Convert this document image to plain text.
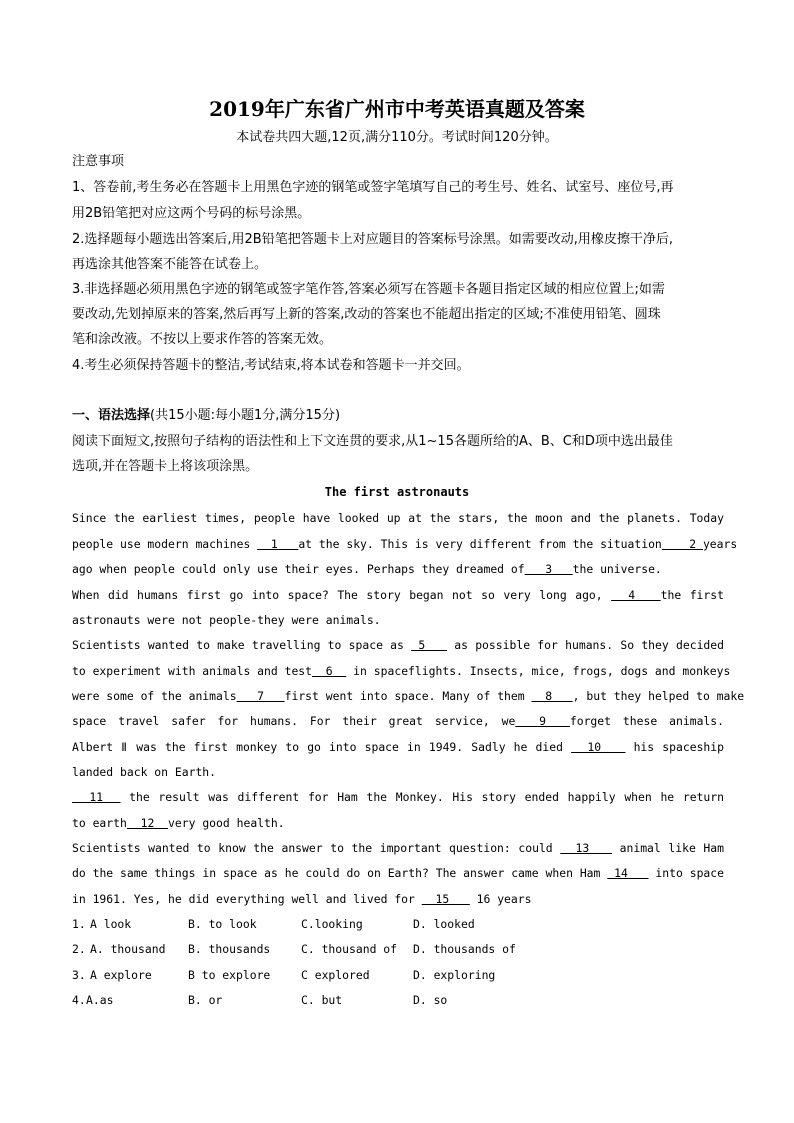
2019年广东省广州市中考英语真题及答案
本试卷共四大题,12页,满分110分。考试时间120分钟。
注意事项
1、答卷前,考生务必在答题卡上用黑色字迹的钢笔或签字笔填写自己的考生号、姓名、试室号、座位号,再
用2B铅笔把对应这两个号码的标号涂黑。
2.选择题每小题选出答案后,用2B铅笔把答题卡上对应题目的答案标号涂黑。如需要改动,用橡皮擦干净后,
再选涂其他答案不能答在试卷上。
3.非选择题必须用黑色字迹的钢笔或签字笔作答,答案必须写在答题卡各题目指定区域的相应位置上;如需
要改动,先划掉原来的答案,然后再写上新的答案,改动的答案也不能超出指定的区域;不准使用铅笔、圆珠
笔和涂改液。不按以上要求作答的答案无效。
4.考生必须保持答题卡的整洁,考试结束,将本试卷和答题卡一并交回。
一、语法选择(共15小题:每小题1分,满分15分)
阅读下面短文,按照句子结构的语法性和上下文连贯的要求,从1~15各题所给的A、B、C和D项中选出最佳
选项,并在答题卡上将该项涂黑。
The first astronauts
Since the earliest times, people have looked up at the stars, the moon and the planets. Today
people use modern machines   1   at the sky. This is very different from the situation    2 years
ago when people could only use their eyes. Perhaps they dreamed of   3   the universe.
When did humans first go into space? The story began not so very long ago,   4   the first
astronauts were not people-they were animals.
Scientists wanted to make travelling to space as  5    as possible for humans. So they decided
to experiment with animals and test  6   in spaceflights. Insects, mice, frogs, dogs and monkeys
were some of the animals   7   first went into space. Many of them   8   , but they helped to make
space travel safer for humans. For their great service, we  9  forget these animals.
Albert Ⅱ was the first monkey to go into space in 1949. Sadly he died   10    his spaceship
landed back on Earth.
11   the result was different for Ham the Monkey. His story ended happily when he return
to earth  12  very good health.
Scientists wanted to know the answer to the important question: could   13    animal like Ham
do the same things in space as he could do on Earth? The answer came when Ham  14    into space
in 1961. Yes, he did everything well and lived for   15    16 years
1. A look	B. to look	C.looking	D. looked
2. A. thousand B. thousands	C. thousand of D. thousands of
3. A explore	B to explore	C explored	D. exploring
4. A.as	B. or	C. but	D. so
